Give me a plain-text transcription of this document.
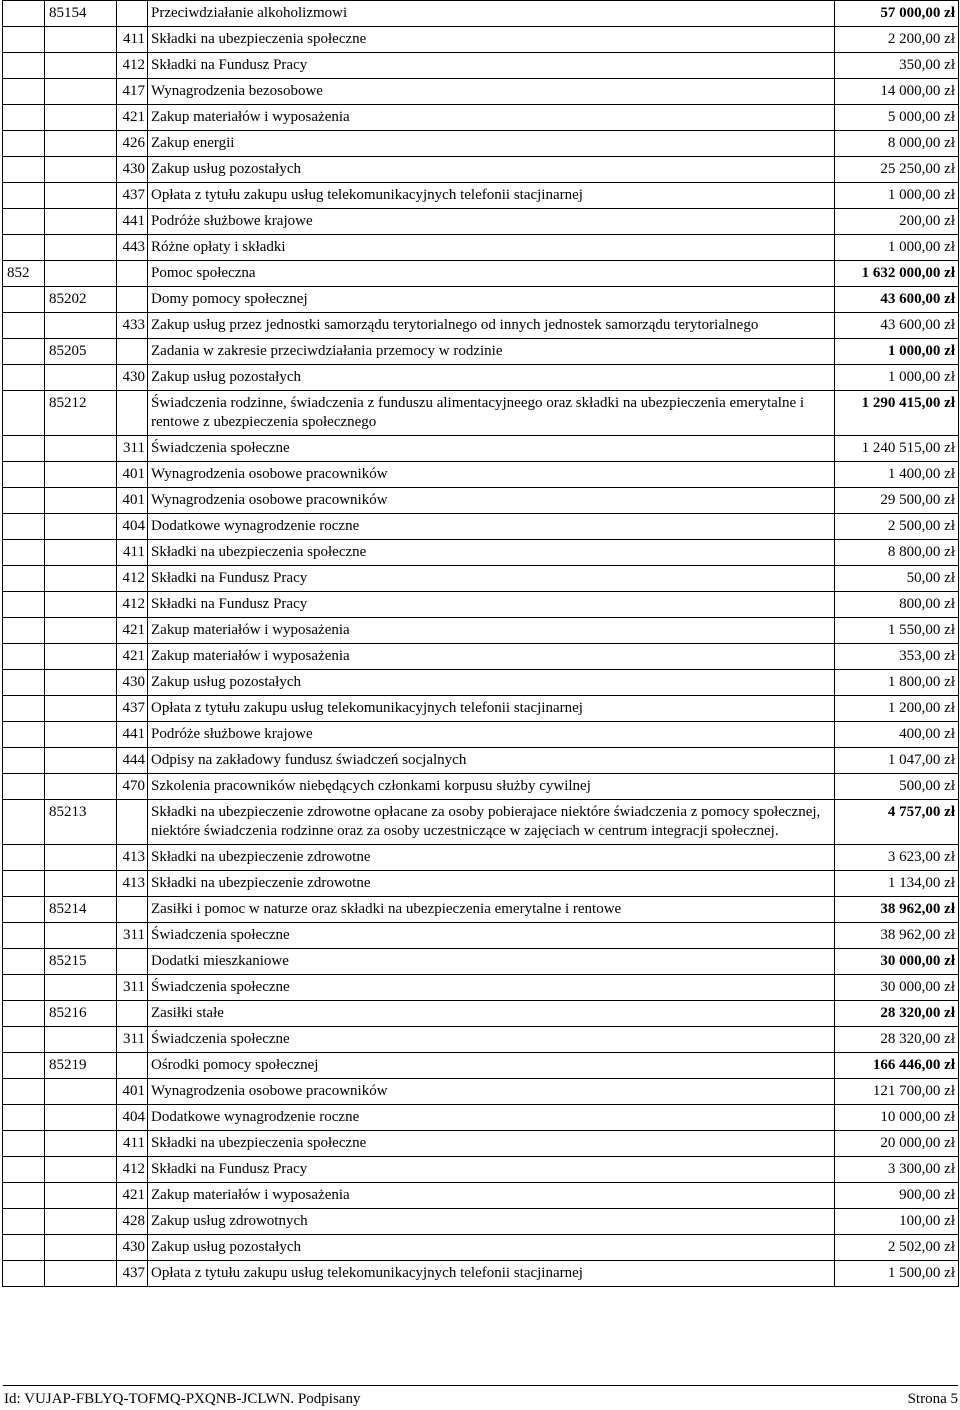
	85154		Przeciwdziałanie alkoholizmowi	57 000,00 zł
		411	Składki na ubezpieczenia społeczne	2 200,00 zł
		412	Składki na Fundusz Pracy	350,00 zł
		417	Wynagrodzenia bezosobowe	14 000,00 zł
		421	Zakup materiałów i wyposażenia	5 000,00 zł
		426	Zakup energii	8 000,00 zł
		430	Zakup usług pozostałych	25 250,00 zł
		437	Opłata z tytułu zakupu usług telekomunikacyjnych telefonii stacjinarnej	1 000,00 zł
		441	Podróże służbowe krajowe	200,00 zł
		443	Różne opłaty i składki	1 000,00 zł
852			Pomoc społeczna	1 632 000,00 zł
	85202		Domy pomocy społecznej	43 600,00 zł
		433	Zakup usług przez jednostki samorządu terytorialnego od innych jednostek samorządu terytorialnego	43 600,00 zł
	85205		Zadania w zakresie przeciwdziałania przemocy w rodzinie	1 000,00 zł
		430	Zakup usług pozostałych	1 000,00 zł
	85212		Świadczenia rodzinne, świadczenia z funduszu alimentacyjneego oraz składki na ubezpieczenia emerytalne i rentowe z ubezpieczenia społecznego	1 290 415,00 zł
		311	Świadczenia społeczne	1 240 515,00 zł
		401	Wynagrodzenia osobowe pracowników	1 400,00 zł
		401	Wynagrodzenia osobowe pracowników	29 500,00 zł
		404	Dodatkowe wynagrodzenie roczne	2 500,00 zł
		411	Składki na ubezpieczenia społeczne	8 800,00 zł
		412	Składki na Fundusz Pracy	50,00 zł
		412	Składki na Fundusz Pracy	800,00 zł
		421	Zakup materiałów i wyposażenia	1 550,00 zł
		421	Zakup materiałów i wyposażenia	353,00 zł
		430	Zakup usług pozostałych	1 800,00 zł
		437	Opłata z tytułu zakupu usług telekomunikacyjnych telefonii stacjinarnej	1 200,00 zł
		441	Podróże służbowe krajowe	400,00 zł
		444	Odpisy na zakładowy fundusz świadczeń socjalnych	1 047,00 zł
		470	Szkolenia pracowników niebędących członkami korpusu służby cywilnej	500,00 zł
	85213		Składki na ubezpieczenie zdrowotne opłacane za osoby pobierajace niektóre świadczenia z pomocy społecznej, niektóre świadczenia rodzinne oraz za osoby uczestniczące w zajęciach w centrum integracji społecznej.	4 757,00 zł
		413	Składki na ubezpieczenie zdrowotne	3 623,00 zł
		413	Składki na ubezpieczenie zdrowotne	1 134,00 zł
	85214		Zasiłki i pomoc w naturze oraz składki na ubezpieczenia emerytalne i rentowe	38 962,00 zł
		311	Świadczenia społeczne	38 962,00 zł
	85215		Dodatki mieszkaniowe	30 000,00 zł
		311	Świadczenia społeczne	30 000,00 zł
	85216		Zasiłki stałe	28 320,00 zł
		311	Świadczenia społeczne	28 320,00 zł
	85219		Ośrodki pomocy społecznej	166 446,00 zł
		401	Wynagrodzenia osobowe pracowników	121 700,00 zł
		404	Dodatkowe wynagrodzenie roczne	10 000,00 zł
		411	Składki na ubezpieczenia społeczne	20 000,00 zł
		412	Składki na Fundusz Pracy	3 300,00 zł
		421	Zakup materiałów i wyposażenia	900,00 zł
		428	Zakup usług zdrowotnych	100,00 zł
		430	Zakup usług pozostałych	2 502,00 zł
		437	Opłata z tytułu zakupu usług telekomunikacyjnych telefonii stacjinarnej	1 500,00 zł
Id: VUJAP-FBLYQ-TOFMQ-PXQNB-JCLWN. Podpisany	Strona 5
